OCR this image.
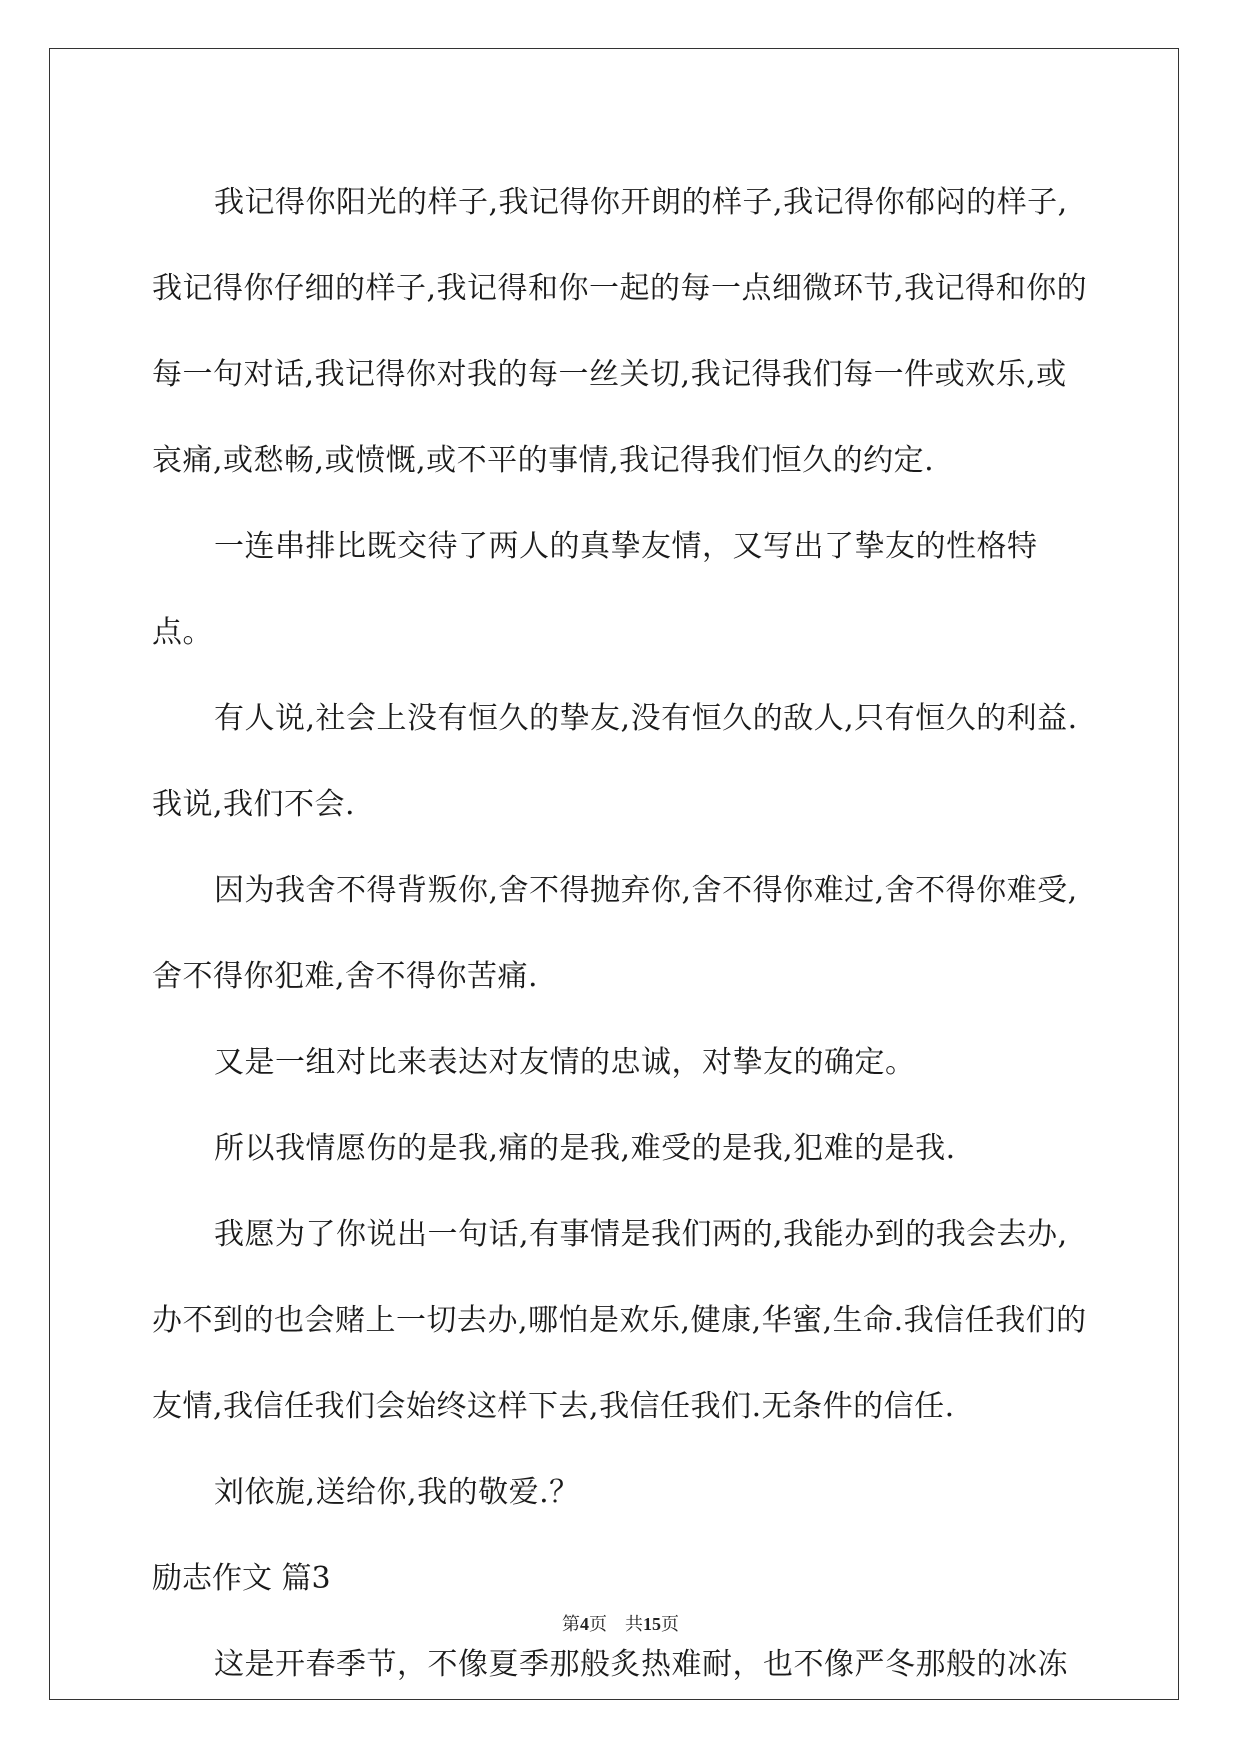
我记得你阳光的样子,我记得你开朗的样子,我记得你郁闷的样子,我记得你仔细的样子,我记得和你一起的每一点细微环节,我记得和你的每一句对话,我记得你对我的每一丝关切,我记得我们每一件或欢乐,或哀痛,或愁畅,或愤慨,或不平的事情,我记得我们恒久的约定.

一连串排比既交待了两人的真挚友情，又写出了挚友的性格特点。

有人说,社会上没有恒久的挚友,没有恒久的敌人,只有恒久的利益.我说,我们不会.

因为我舍不得背叛你,舍不得抛弃你,舍不得你难过,舍不得你难受,舍不得你犯难,舍不得你苦痛.

又是一组对比来表达对友情的忠诚，对挚友的确定。

所以我情愿伤的是我,痛的是我,难受的是我,犯难的是我.

我愿为了你说出一句话,有事情是我们两的,我能办到的我会去办,办不到的也会赌上一切去办,哪怕是欢乐,健康,华蜜,生命.我信任我们的友情,我信任我们会始终这样下去,我信任我们.无条件的信任.

刘依旎,送给你,我的敬爱.？

励志作文 篇3

这是开春季节，不像夏季那般炙热难耐，也不像严冬那般的冰冻

第4页 共15页
